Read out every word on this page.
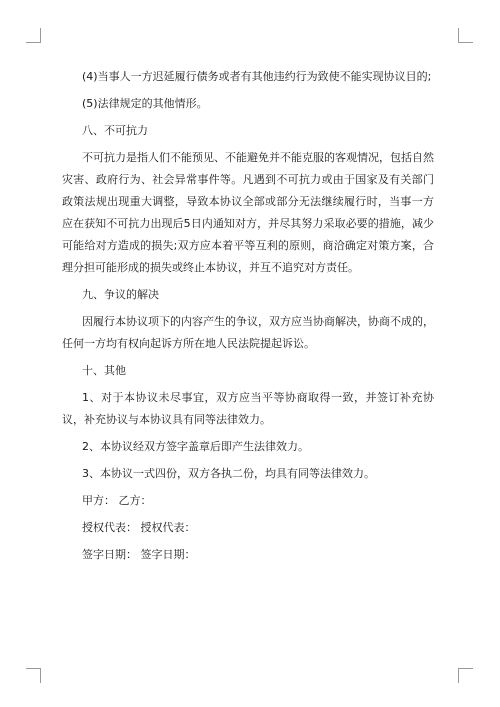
(4)当事人一方迟延履行债务或者有其他违约行为致使不能实现协议目的;

(5)法律规定的其他情形。

八、不可抗力

不可抗力是指人们不能预见、不能避免并不能克服的客观情况，包括自然灾害、政府行为、社会异常事件等。凡遇到不可抗力或由于国家及有关部门政策法规出现重大调整，导致本协议全部或部分无法继续履行时，当事一方应在获知不可抗力出现后5日内通知对方，并尽其努力采取必要的措施，减少可能给对方造成的损失;双方应本着平等互利的原则，商洽确定对策方案，合理分担可能形成的损失或终止本协议，并互不追究对方责任。

九、争议的解决

因履行本协议项下的内容产生的争议，双方应当协商解决，协商不成的，任何一方均有权向起诉方所在地人民法院提起诉讼。

十、其他

1、对于本协议未尽事宜，双方应当平等协商取得一致，并签订补充协议，补充协议与本协议具有同等法律效力。

2、本协议经双方签字盖章后即产生法律效力。

3、本协议一式四份，双方各执二份，均具有同等法律效力。

甲方： 乙方：

授权代表： 授权代表：

签字日期： 签字日期：
